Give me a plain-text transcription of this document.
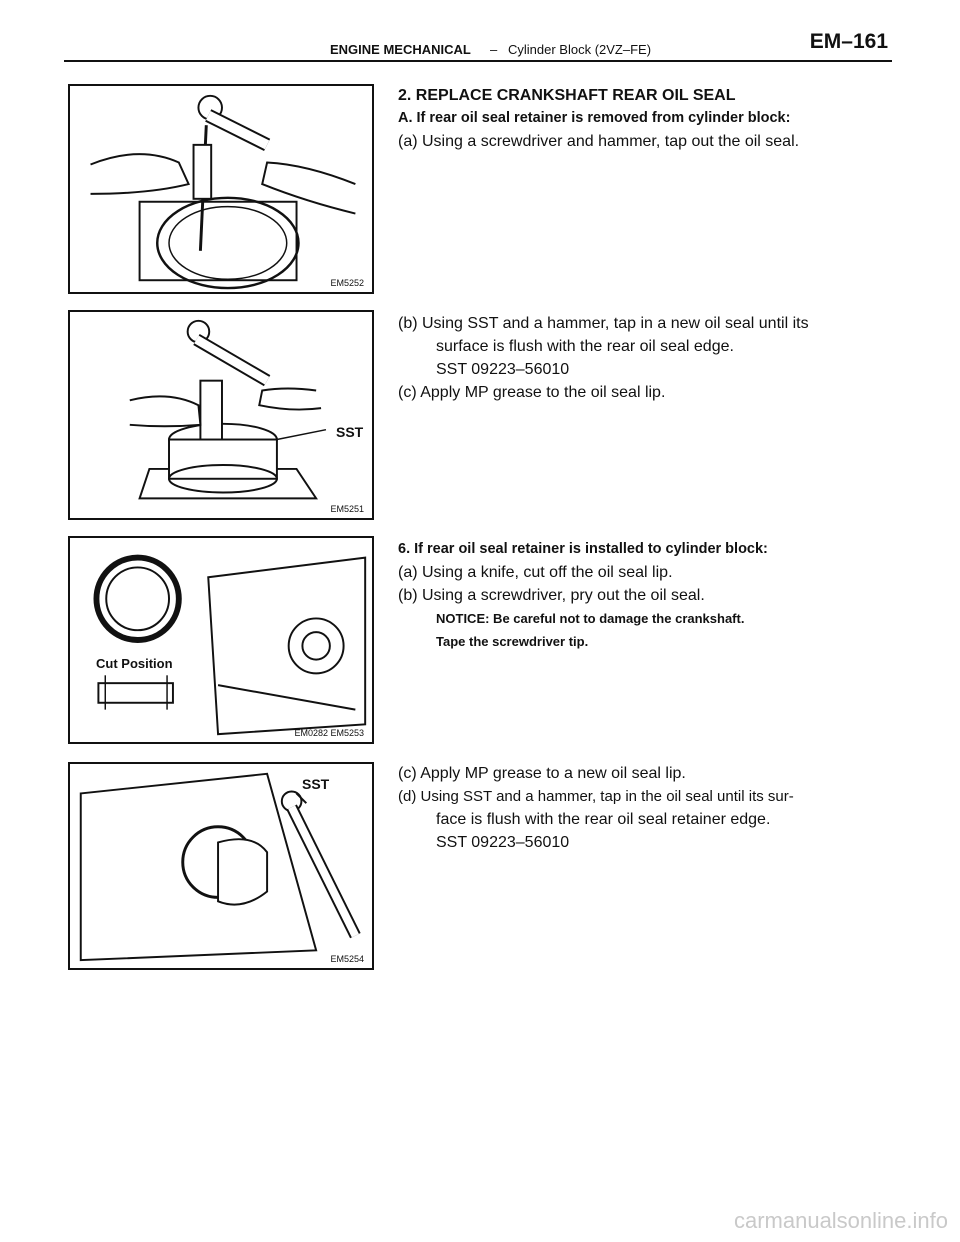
ENGINE MECHANICAL – Cylinder Block (2VZ–FE)	EM–161
EM5252
2. REPLACE CRANKSHAFT REAR OIL SEAL
A. If rear oil seal retainer is removed from cylinder block:
(a) Using a screwdriver and hammer, tap out the oil seal.
SST
EM5251
(b) Using SST and a hammer, tap in a new oil seal until its
surface is flush with the rear oil seal edge.
SST 09223–56010
(c) Apply MP grease to the oil seal lip.
Cut Position
EM0282 EM5253
6. If rear oil seal retainer is installed to cylinder block:
(a) Using a knife, cut off the oil seal lip.
(b) Using a screwdriver, pry out the oil seal.
NOTICE: Be careful not to damage the crankshaft.
Tape the screwdriver tip.
SST
EM5254
(c) Apply MP grease to a new oil seal lip.
(d) Using SST and a hammer, tap in the oil seal until its sur-
face is flush with the rear oil seal retainer edge.
SST 09223–56010
carmanualsonline.info
